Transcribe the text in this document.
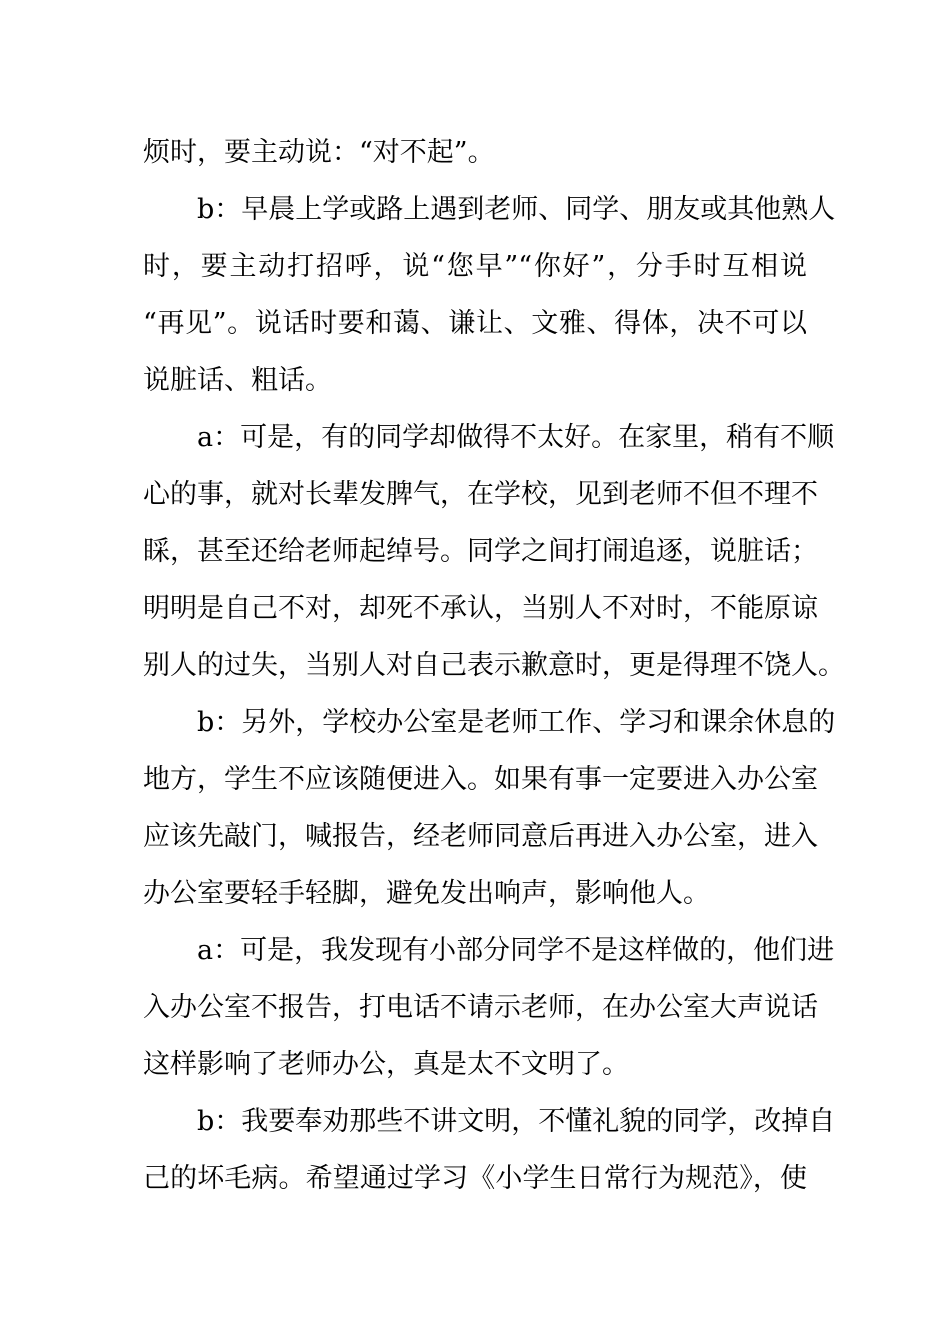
烦时，要主动说：“对不起”。
b：早晨上学或路上遇到老师、同学、朋友或其他熟人
时，要主动打招呼，说“您早”“你好”，分手时互相说
“再见”。说话时要和蔼、谦让、文雅、得体，决不可以
说脏话、粗话。
a：可是，有的同学却做得不太好。在家里，稍有不顺
心的事，就对长辈发脾气，在学校，见到老师不但不理不
睬，甚至还给老师起绰号。同学之间打闹追逐，说脏话；
明明是自己不对，却死不承认，当别人不对时，不能原谅
别人的过失，当别人对自己表示歉意时，更是得理不饶人。
b：另外，学校办公室是老师工作、学习和课余休息的
地方，学生不应该随便进入。如果有事一定要进入办公室
应该先敲门，喊报告，经老师同意后再进入办公室，进入
办公室要轻手轻脚，避免发出响声，影响他人。
a：可是，我发现有小部分同学不是这样做的，他们进
入办公室不报告，打电话不请示老师，在办公室大声说话
这样影响了老师办公，真是太不文明了。
b：我要奉劝那些不讲文明，不懂礼貌的同学，改掉自
己的坏毛病。希望通过学习《小学生日常行为规范》，使
